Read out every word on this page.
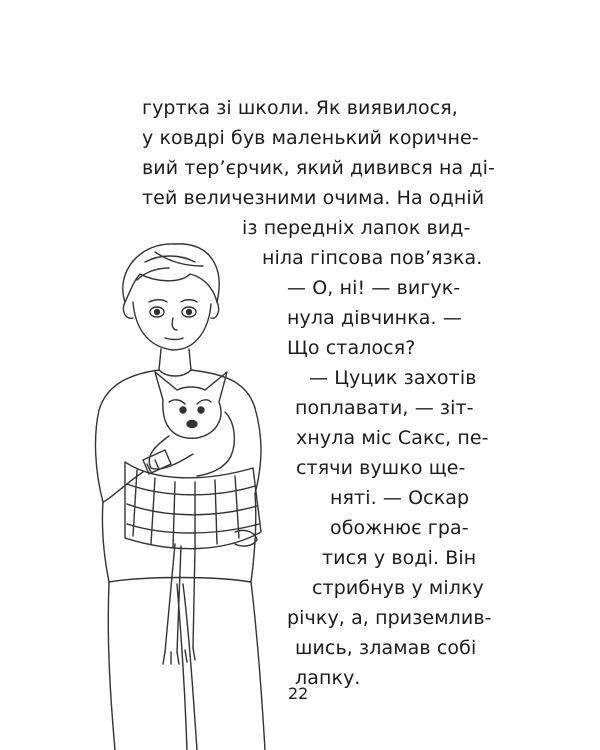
гуртка зі школи. Як виявилося,
у ковдрі був маленький коричне-
вий тер’єрчик, який дивився на ді-
тей величезними очима. На одній
із передніх лапок вид-
ніла гіпсова пов’язка.
— О, ні! — вигук-
нула дівчинка. —
Що сталося?
— Цуцик захотів
поплавати, — зіт-
хнула міс Сакс, пе-
стячи вушко ще-
няті. — Оскар
обожнює гра-
тися у воді. Він
стрибнув у мілку
річку, а, приземлив-
шись, зламав собі
лапку.
22
